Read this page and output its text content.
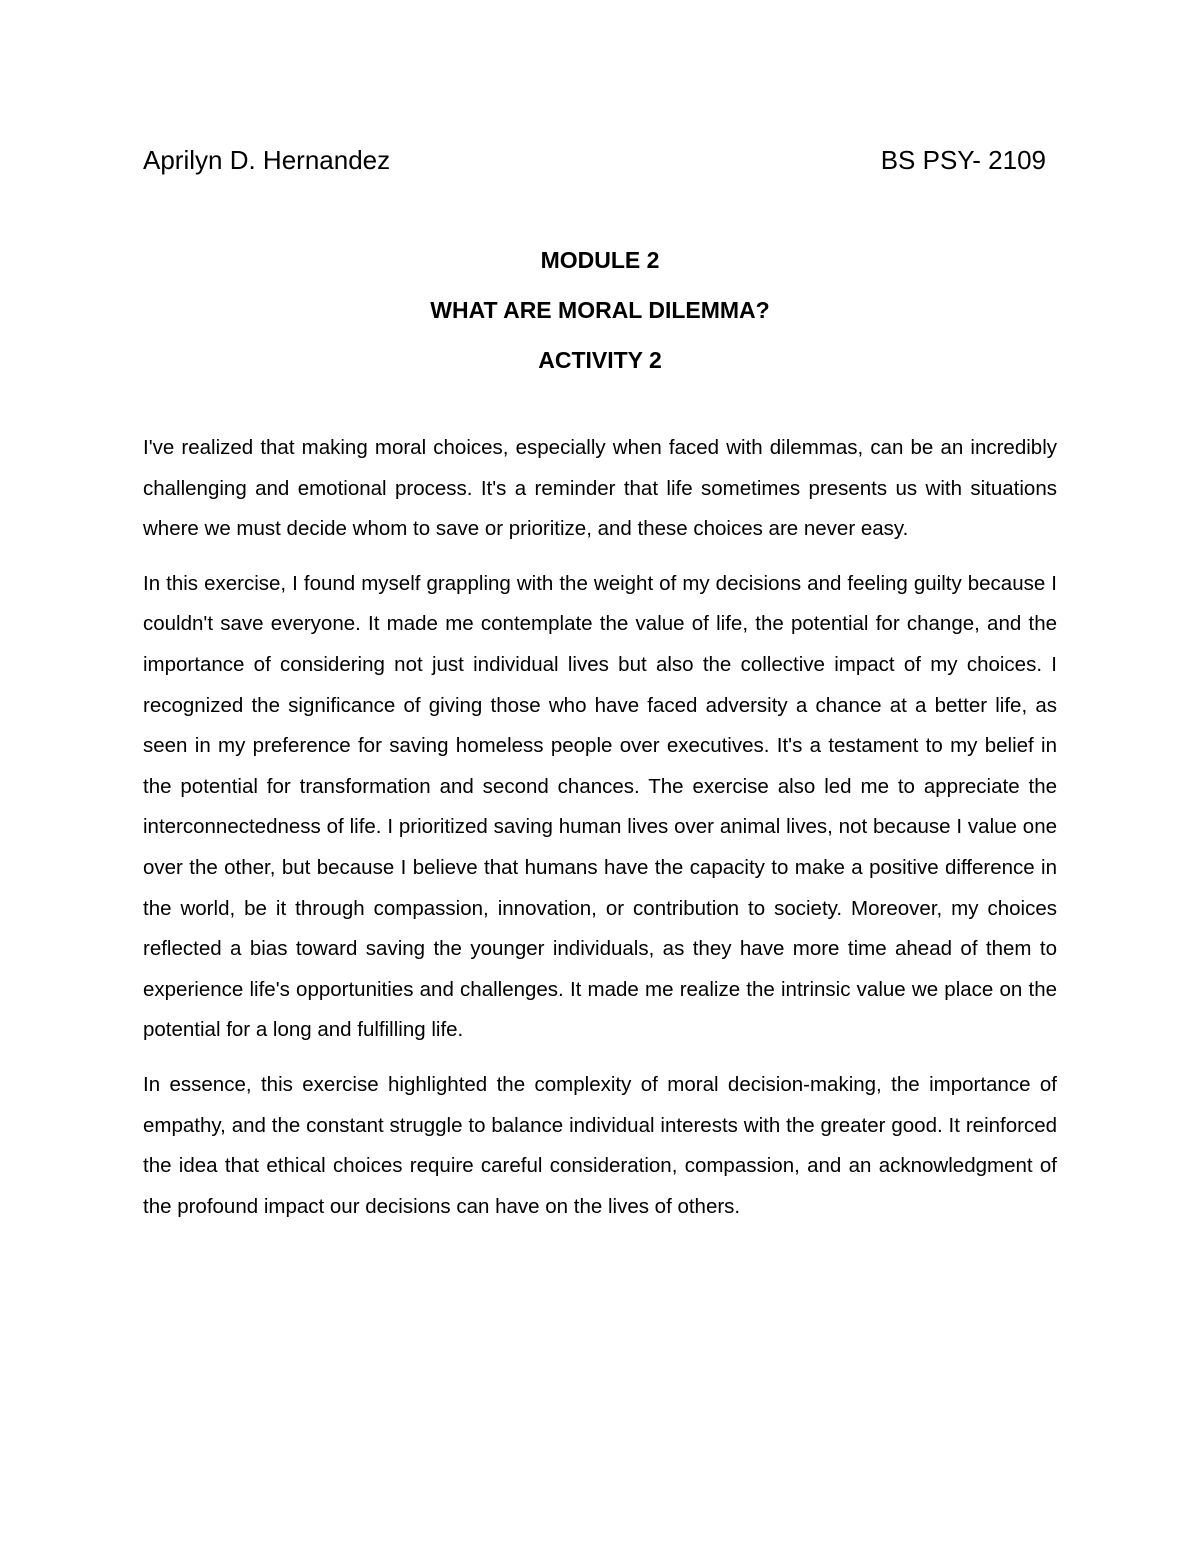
Aprilyn D. Hernandez	BS PSY- 2109
MODULE 2
WHAT ARE MORAL DILEMMA?
ACTIVITY 2

I've realized that making moral choices, especially when faced with dilemmas, can be an incredibly challenging and emotional process. It's a reminder that life sometimes presents us with situations where we must decide whom to save or prioritize, and these choices are never easy.

In this exercise, I found myself grappling with the weight of my decisions and feeling guilty because I couldn't save everyone. It made me contemplate the value of life, the potential for change, and the importance of considering not just individual lives but also the collective impact of my choices. I recognized the significance of giving those who have faced adversity a chance at a better life, as seen in my preference for saving homeless people over executives. It's a testament to my belief in the potential for transformation and second chances. The exercise also led me to appreciate the interconnectedness of life. I prioritized saving human lives over animal lives, not because I value one over the other, but because I believe that humans have the capacity to make a positive difference in the world, be it through compassion, innovation, or contribution to society. Moreover, my choices reflected a bias toward saving the younger individuals, as they have more time ahead of them to experience life's opportunities and challenges. It made me realize the intrinsic value we place on the potential for a long and fulfilling life.

In essence, this exercise highlighted the complexity of moral decision-making, the importance of empathy, and the constant struggle to balance individual interests with the greater good. It reinforced the idea that ethical choices require careful consideration, compassion, and an acknowledgment of the profound impact our decisions can have on the lives of others.
